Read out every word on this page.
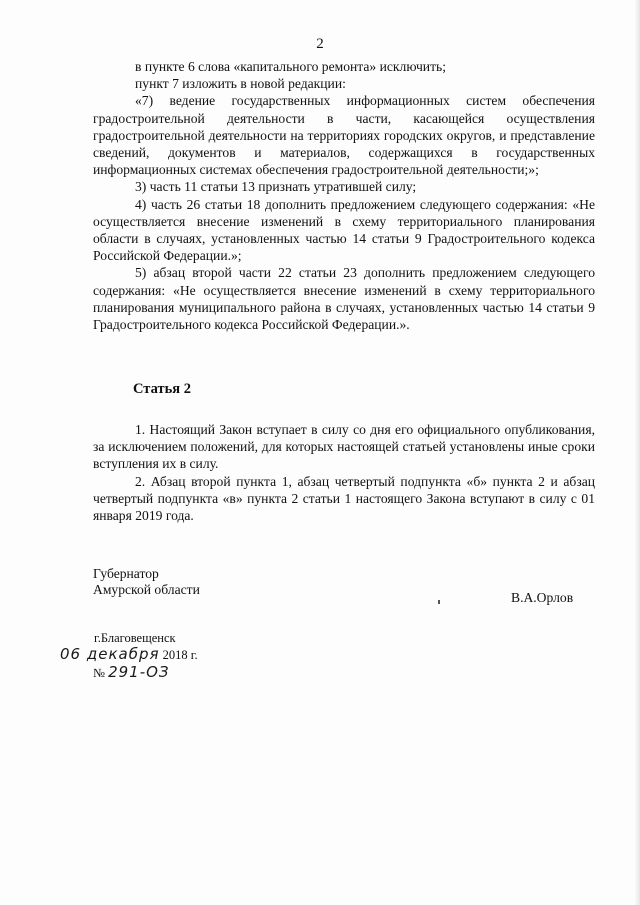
2

в пункте 6 слова «капитального ремонта» исключить;

пункт 7 изложить в новой редакции:

«7) ведение государственных информационных систем обеспечения градостроительной деятельности в части, касающейся осуществления градостроительной деятельности на территориях городских округов, и представление сведений, документов и материалов, содержащихся в государственных информационных системах обеспечения градостроительной деятельности;»;

3) часть 11 статьи 13 признать утратившей силу;

4) часть 26 статьи 18 дополнить предложением следующего содержания: «Не осуществляется внесение изменений в схему территориального планирования области в случаях, установленных частью 14 статьи 9 Градостроительного кодекса Российской Федерации.»;

5) абзац второй части 22 статьи 23 дополнить предложением следующего содержания: «Не осуществляется внесение изменений в схему территориального планирования муниципального района в случаях, установленных частью 14 статьи 9 Градостроительного кодекса Российской Федерации.».

Статья 2

1. Настоящий Закон вступает в силу со дня его официального опубликования, за исключением положений, для которых настоящей статьей установлены иные сроки вступления их в силу.

2. Абзац второй пункта 1, абзац четвертый подпункта «б» пункта 2 и абзац четвертый подпункта «в» пункта 2 статьи 1 настоящего Закона вступают в силу с 01 января 2019 года.

Губернатор
Амурской области
В.А.Орлов
г.Благовещенск
06 декабря 2018 г.
№ 291-ОЗ
